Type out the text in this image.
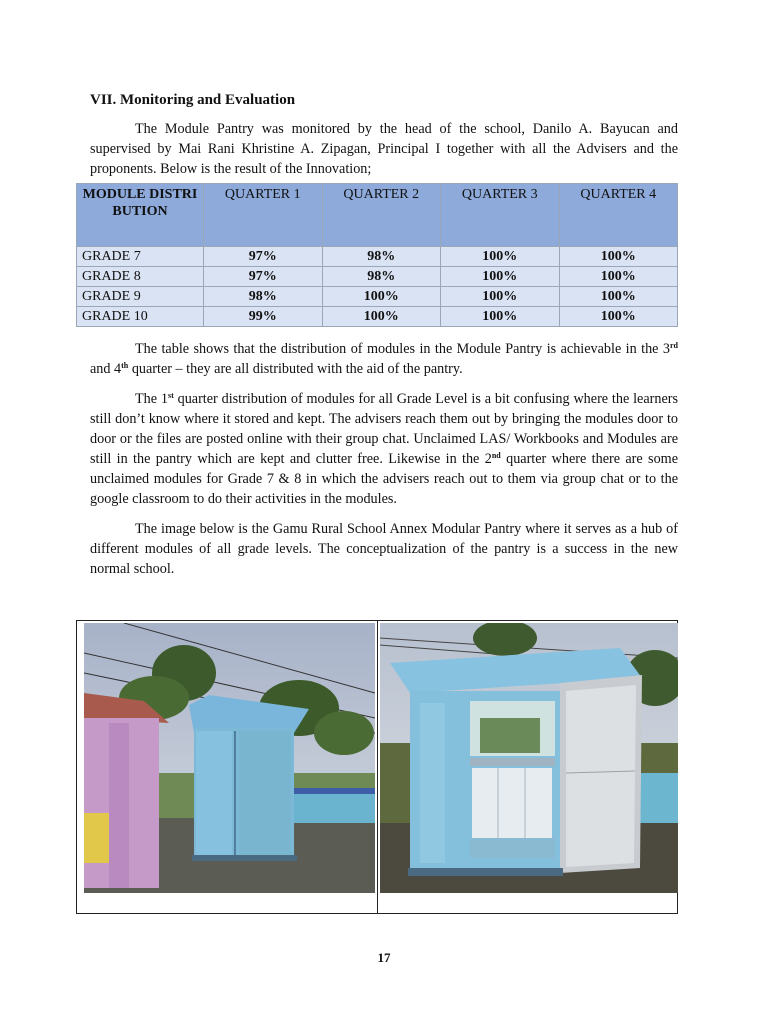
VII. Monitoring and Evaluation

The Module Pantry was monitored by the head of the school, Danilo A. Bayucan and supervised by Mai Rani Khristine A. Zipagan, Principal I together with all the Advisers and the proponents. Below is the result of the Innovation;

MODULE DISTRIBUTION	QUARTER 1	QUARTER 2	QUARTER 3	QUARTER 4
GRADE 7	97%	98%	100%	100%
GRADE 8	97%	98%	100%	100%
GRADE 9	98%	100%	100%	100%
GRADE 10	99%	100%	100%	100%

The table shows that the distribution of modules in the Module Pantry is achievable in the 3rd and 4th quarter – they are all distributed with the aid of the pantry.

The 1st quarter distribution of modules for all Grade Level is a bit confusing where the learners still don’t know where it stored and kept. The advisers reach them out by bringing the modules door to door or the files are posted online with their group chat. Unclaimed LAS/ Workbooks and Modules are still in the pantry which are kept and clutter free. Likewise in the 2nd quarter where there are some unclaimed modules for Grade 7 & 8 in which the advisers reach out to them via group chat or to the google classroom to do their activities in the modules.

The image below is the Gamu Rural School Annex Modular Pantry where it serves as a hub of different modules of all grade levels. The conceptualization of the pantry is a success in the new normal school.

17
